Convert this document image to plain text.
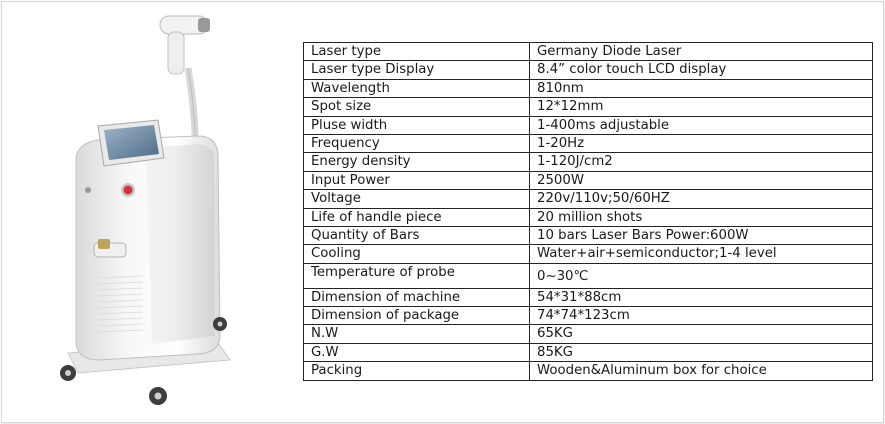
Laser type	Germany Diode Laser
Laser type Display	8.4” color touch LCD display
Wavelength	810nm
Spot size	12*12mm
Pluse width	1-400ms adjustable
Frequency	1-20Hz
Energy density	1-120J/cm2
Input Power	2500W
Voltage	220v/110v;50/60HZ
Life of handle piece	20 million shots
Quantity of Bars	10 bars Laser Bars Power:600W
Cooling	Water+air+semiconductor;1-4 level
Temperature of probe	0~30℃
Dimension of machine	54*31*88cm
Dimension of package	74*74*123cm
N.W	65KG
G.W	85KG
Packing	Wooden&Aluminum box for choice
